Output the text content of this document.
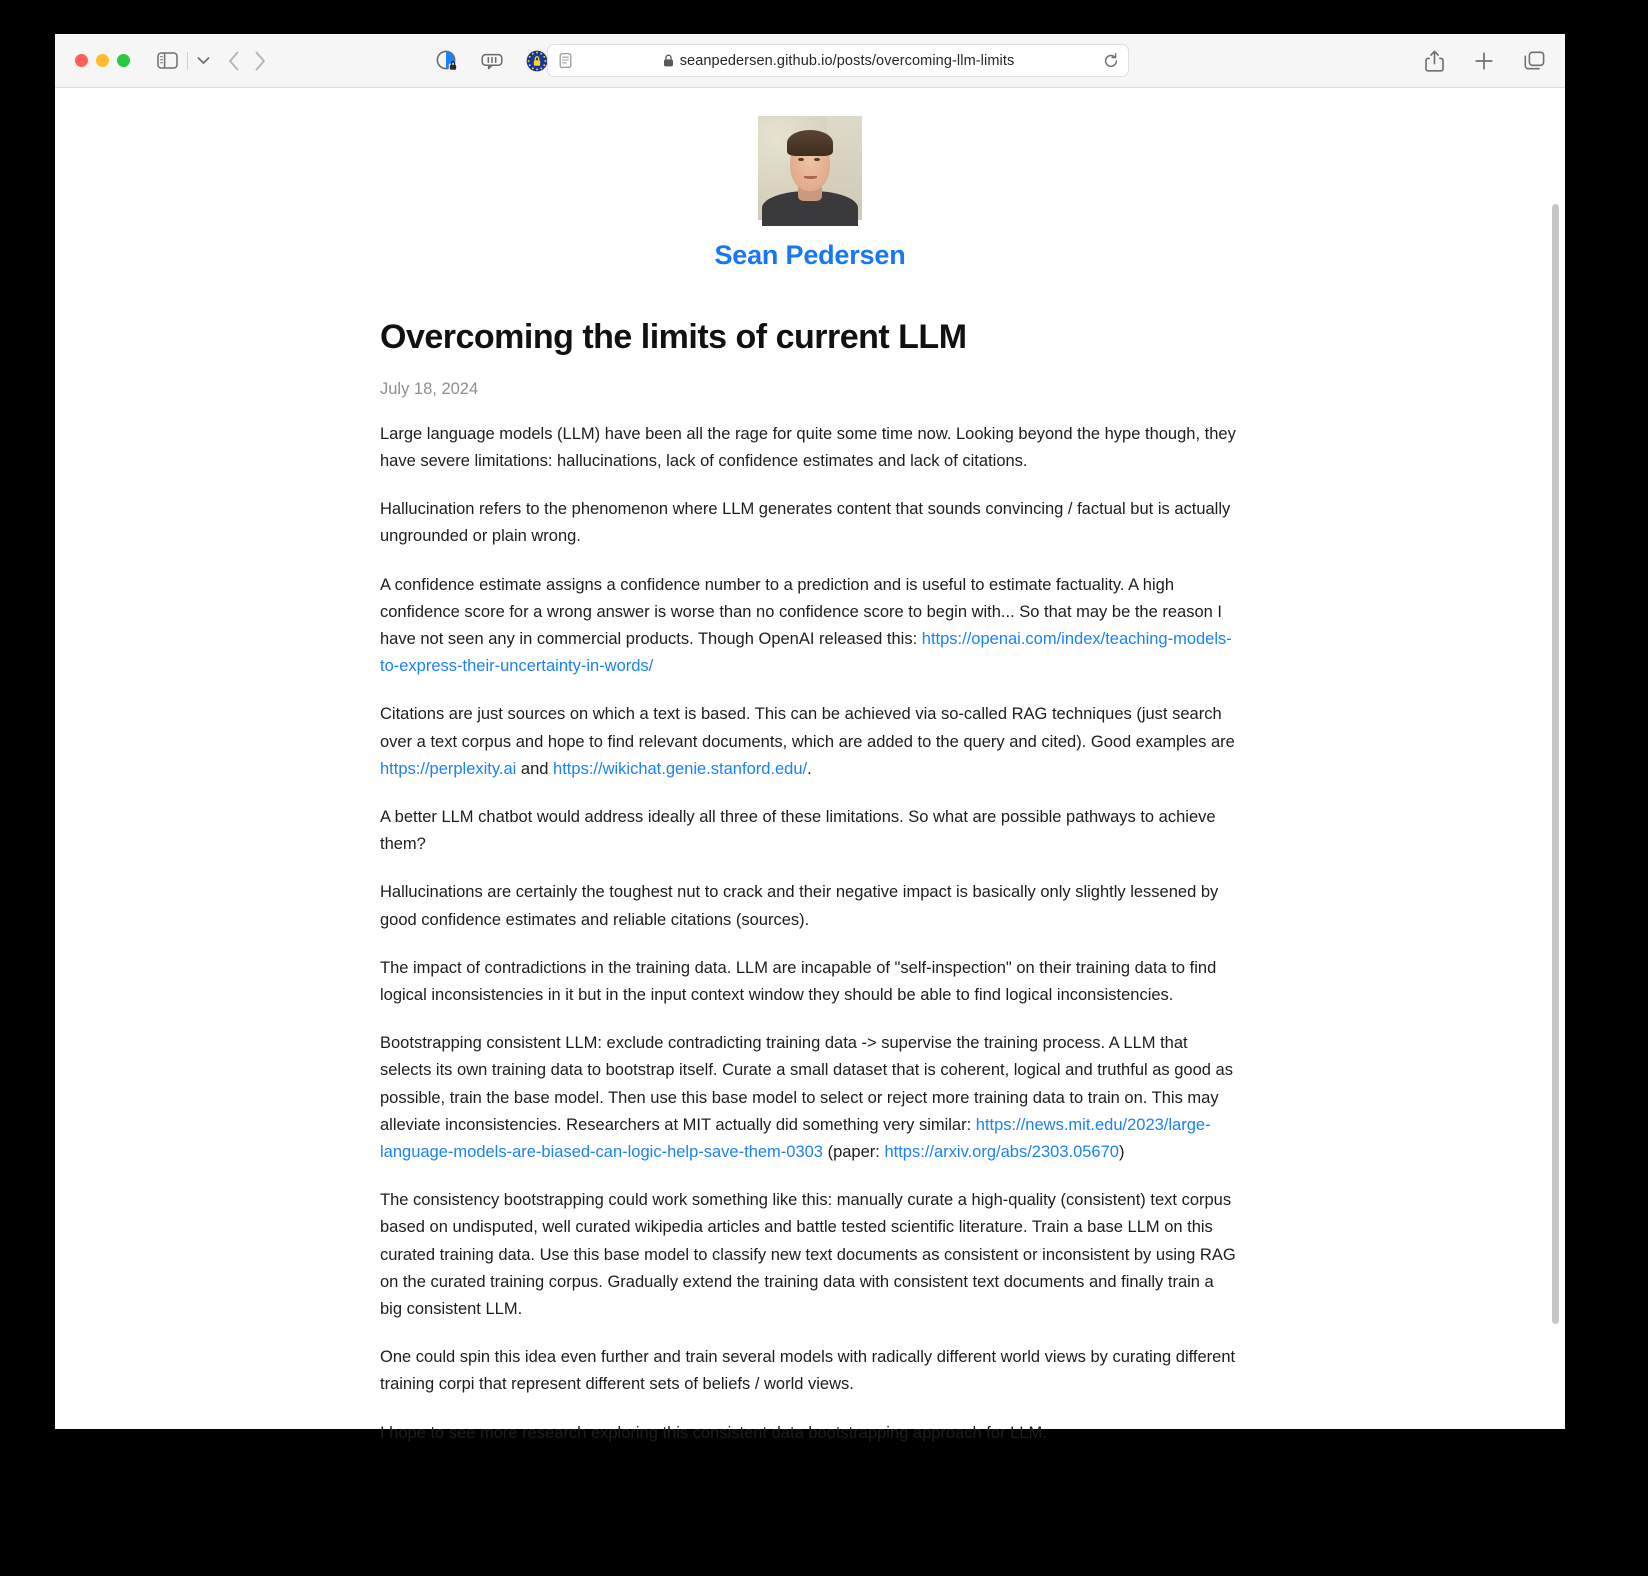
seanpedersen.github.io/posts/overcoming-llm-limits
Sean Pedersen
Overcoming the limits of current LLM
July 18, 2024

Large language models (LLM) have been all the rage for quite some time now. Looking beyond the hype though, they have severe limitations: hallucinations, lack of confidence estimates and lack of citations.

Hallucination refers to the phenomenon where LLM generates content that sounds convincing / factual but is actually ungrounded or plain wrong.

A confidence estimate assigns a confidence number to a prediction and is useful to estimate factuality. A high confidence score for a wrong answer is worse than no confidence score to begin with... So that may be the reason I have not seen any in commercial products. Though OpenAI released this: https://openai.com/index/teaching-models-to-express-their-uncertainty-in-words/

Citations are just sources on which a text is based. This can be achieved via so-called RAG techniques (just search over a text corpus and hope to find relevant documents, which are added to the query and cited). Good examples are https://perplexity.ai and https://wikichat.genie.stanford.edu/.

A better LLM chatbot would address ideally all three of these limitations. So what are possible pathways to achieve them?

Hallucinations are certainly the toughest nut to crack and their negative impact is basically only slightly lessened by good confidence estimates and reliable citations (sources).

The impact of contradictions in the training data. LLM are incapable of "self-inspection" on their training data to find logical inconsistencies in it but in the input context window they should be able to find logical inconsistencies.

Bootstrapping consistent LLM: exclude contradicting training data -> supervise the training process. A LLM that selects its own training data to bootstrap itself. Curate a small dataset that is coherent, logical and truthful as good as possible, train the base model. Then use this base model to select or reject more training data to train on. This may alleviate inconsistencies. Researchers at MIT actually did something very similar: https://news.mit.edu/2023/large-language-models-are-biased-can-logic-help-save-them-0303 (paper: https://arxiv.org/abs/2303.05670)

The consistency bootstrapping could work something like this: manually curate a high-quality (consistent) text corpus based on undisputed, well curated wikipedia articles and battle tested scientific literature. Train a base LLM on this curated training data. Use this base model to classify new text documents as consistent or inconsistent by using RAG on the curated training corpus. Gradually extend the training data with consistent text documents and finally train a big consistent LLM.

One could spin this idea even further and train several models with radically different world views by curating different training corpi that represent different sets of beliefs / world views.

I hope to see more research exploring this consistent data bootstrapping approach for LLM.
